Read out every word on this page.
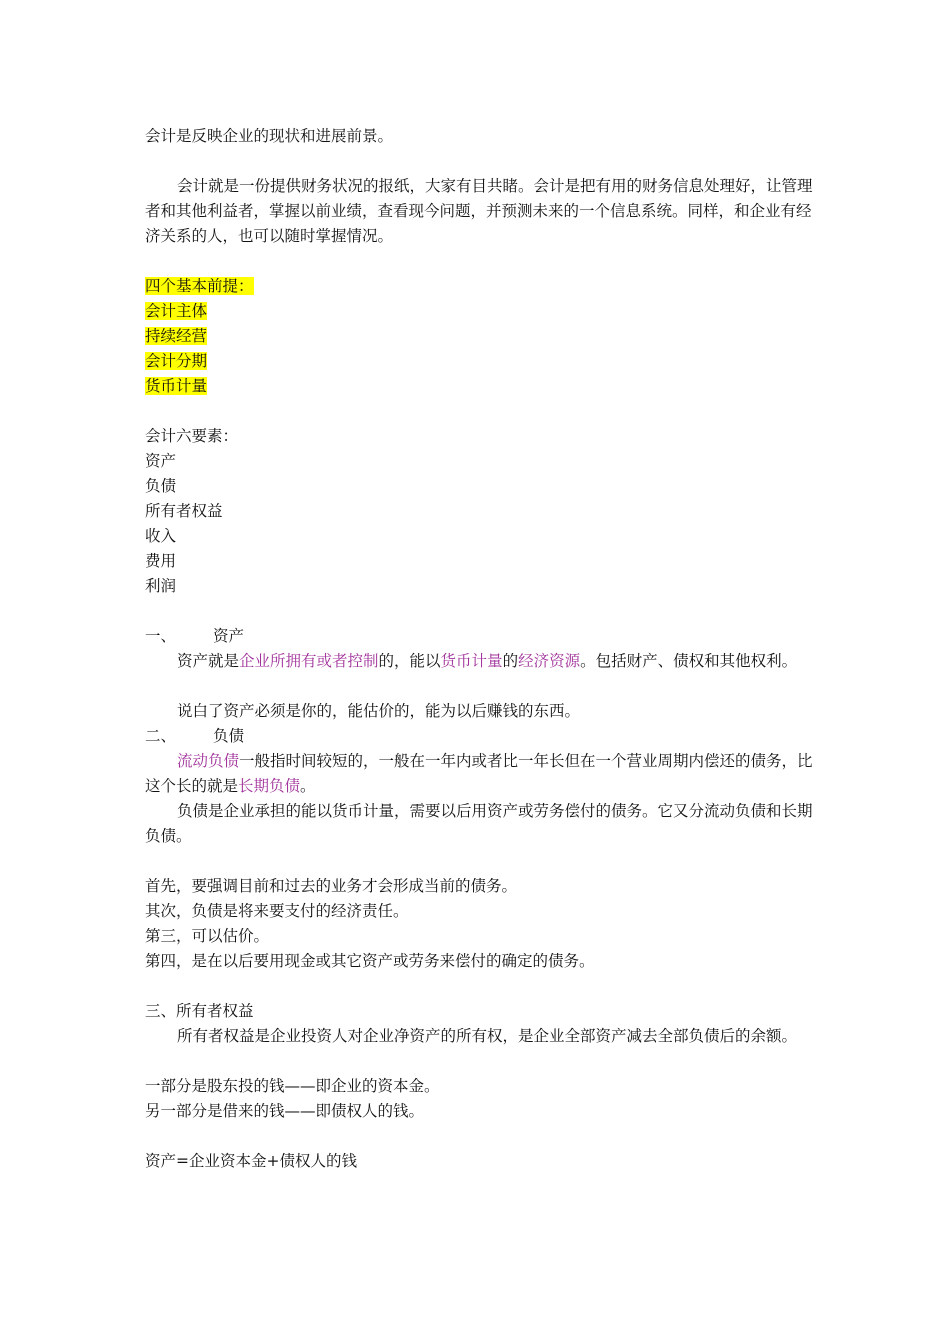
会计是反映企业的现状和进展前景。
会计就是一份提供财务状况的报纸，大家有目共睹。会计是把有用的财务信息处理好，让管理者和其他利益者，掌握以前业绩，查看现今问题，并预测未来的一个信息系统。同样，和企业有经济关系的人，也可以随时掌握情况。
四个基本前提：
会计主体
持续经营
会计分期
货币计量
会计六要素：
资产
负债
所有者权益
收入
费用
利润
一、 资产
资产就是企业所拥有或者控制的，能以货币计量的经济资源。包括财产、债权和其他权利。
说白了资产必须是你的，能估价的，能为以后赚钱的东西。
二、 负债
流动负债一般指时间较短的，一般在一年内或者比一年长但在一个营业周期内偿还的债务，比这个长的就是长期负债。
负债是企业承担的能以货币计量，需要以后用资产或劳务偿付的债务。它又分流动负债和长期负债。
首先，要强调目前和过去的业务才会形成当前的债务。
其次，负债是将来要支付的经济责任。
第三，可以估价。
第四，是在以后要用现金或其它资产或劳务来偿付的确定的债务。
三、所有者权益
所有者权益是企业投资人对企业净资产的所有权，是企业全部资产减去全部负债后的余额。
一部分是股东投的钱——即企业的资本金。
另一部分是借来的钱——即债权人的钱。
资产=企业资本金+债权人的钱
